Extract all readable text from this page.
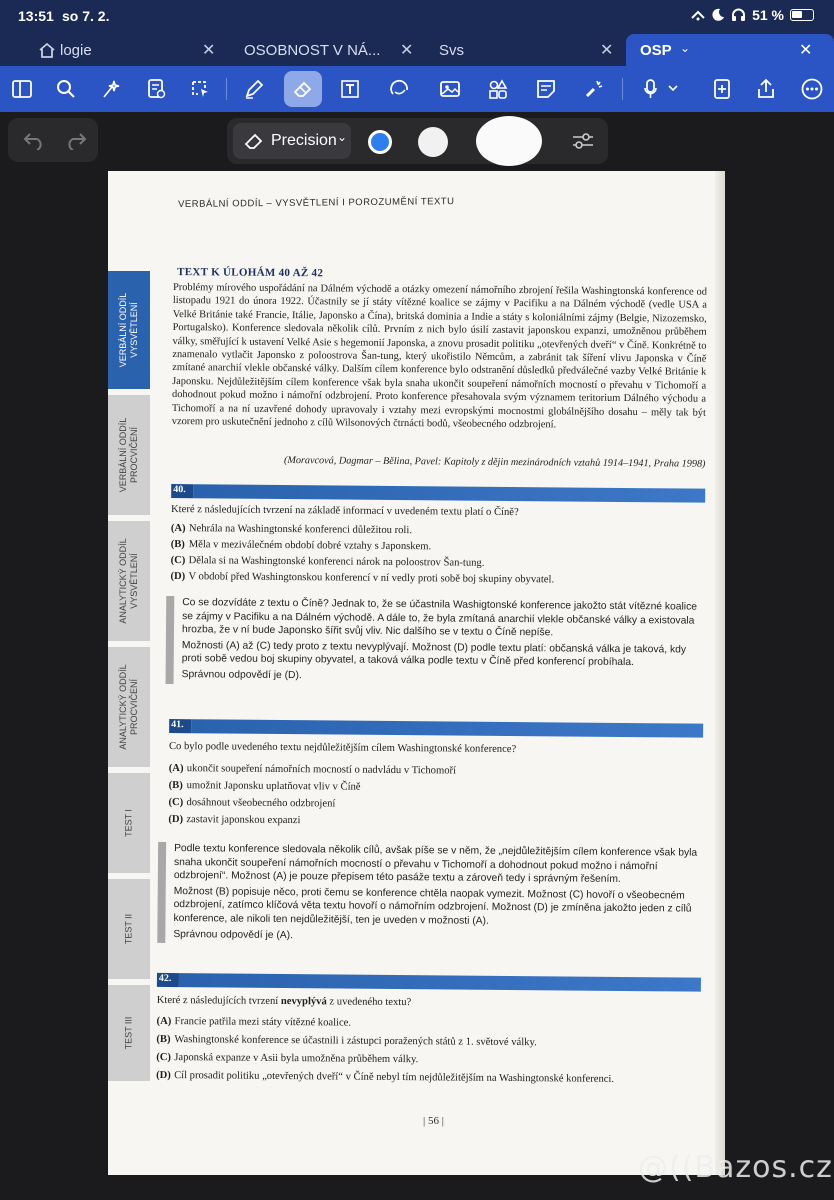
13:51 so 7. 2.	51 %
logie	✕ OSOBNOST V NÁ...	✕ Svs	✕ OSP ⌄	✕
Precision ⌄
VERBÁLNÍ ODDÍL – VYSVĚTLENÍ I POROZUMĚNÍ TEXTU
VERBÁLNÍ ODDÍL
VYSVĚTLENÍ
VERBÁLNÍ ODDÍL
PROCVIČENÍ
ANALYTICKÝ ODDÍL
VYSVĚTLENÍ
ANALYTICKÝ ODDÍL
PROCVIČENÍ
TEST I
TEST II
TEST III
TEXT K ÚLOHÁM 40 AŽ 42
Problémy mírového uspořádání na Dálném východě a otázky omezení námořního zbrojení řešila Washingtonská konference od listopadu 1921 do února 1922. Účastnily se jí státy vítězné koalice se zájmy v Pacifiku a na Dálném východě (vedle USA a Velké Británie také Francie, Itálie, Japonsko a Čína), britská dominia a Indie a státy s koloniálními zájmy (Belgie, Nizozemsko, Portugalsko). Konference sledovala několik cílů. Prvním z nich bylo úsilí zastavit japonskou expanzi, umožněnou průběhem války, směřující k ustavení Velké Asie s hegemonií Japonska, a znovu prosadit politiku „otevřených dveří“ v Číně. Konkrétně to znamenalo vytlačit Japonsko z poloostrova Šan-tung, který ukořistilo Němcům, a zabránit tak šíření vlivu Japonska v Číně zmítané anarchií vlekle občanské války. Dalším cílem konference bylo odstranění důsledků předválečné vazby Velké Británie k Japonsku. Nejdůležitějším cílem konference však byla snaha ukončit soupeření námořních mocností o převahu v Tichomoří a dohodnout pokud možno i námořní odzbrojení. Proto konference přesahovala svým významem teritorium Dálného východu a Tichomoří a na ní uzavřené dohody upravovaly i vztahy mezi evropskými mocnostmi globálnějšího dosahu – měly tak být vzorem pro uskutečnění jednoho z cílů Wilsonových čtrnácti bodů, všeobecného odzbrojení.
(Moravcová, Dagmar – Bělina, Pavel: Kapitoly z dějin mezinárodních vztahů 1914–1941, Praha 1998)
40.
Které z následujících tvrzení na základě informací v uvedeném textu platí o Číně?
(A) Nehrála na Washingtonské konferenci důležitou roli.
(B) Měla v meziválečném období dobré vztahy s Japonskem.
(C) Dělala si na Washingtonské konferenci nárok na poloostrov Šan-tung.
(D) V období před Washingtonskou konferencí v ní vedly proti sobě boj skupiny obyvatel.

Co se dozvídáte z textu o Číně? Jednak to, že se účastnila Washigtonské konference jakožto stát vítězné koalice se zájmy v Pacifiku a na Dálném východě. A dále to, že byla zmítaná anarchií vlekle občanské války a existovala hrozba, že v ní bude Japonsko šířit svůj vliv. Nic dalšího se v textu o Číně nepíše.

Možnosti (A) až (C) tedy proto z textu nevyplývají. Možnost (D) podle textu platí: občanská válka je taková, kdy proti sobě vedou boj skupiny obyvatel, a taková válka podle textu v Číně před konferencí probíhala.

Správnou odpovědí je (D).

41.
Co bylo podle uvedeného textu nejdůležitějším cílem Washingtonské konference?
(A) ukončit soupeření námořních mocností o nadvládu v Tichomoří
(B) umožnit Japonsku uplatňovat vliv v Číně
(C) dosáhnout všeobecného odzbrojení
(D) zastavit japonskou expanzi

Podle textu konference sledovala několik cílů, avšak píše se v něm, že „nejdůležitějším cílem konference však byla snaha ukončit soupeření námořních mocností o převahu v Tichomoří a dohodnout pokud možno i námořní odzbrojení“. Možnost (A) je pouze přepisem této pasáže textu a zároveň tedy i správným řešením.

Možnost (B) popisuje něco, proti čemu se konference chtěla naopak vymezit. Možnost (C) hovoří o všeobecném odzbrojení, zatímco klíčová věta textu hovoří o námořním odzbrojení. Možnost (D) je zmíněna jakožto jeden z cílů konference, ale nikoli ten nejdůležitější, ten je uveden v možnosti (A).

Správnou odpovědí je (A).

42.
Které z následujících tvrzení nevyplývá z uvedeného textu?
(A) Francie patřila mezi státy vítězné koalice.
(B) Washingtonské konference se účastnili i zástupci poražených států z 1. světové války.
(C) Japonská expanze v Asii byla umožněna průběhem války.
(D) Cíl prosadit politiku „otevřených dveří“ v Číně nebyl tím nejdůležitějším na Washingtonské konferenci.
| 56 |
@((Bazos.cz
